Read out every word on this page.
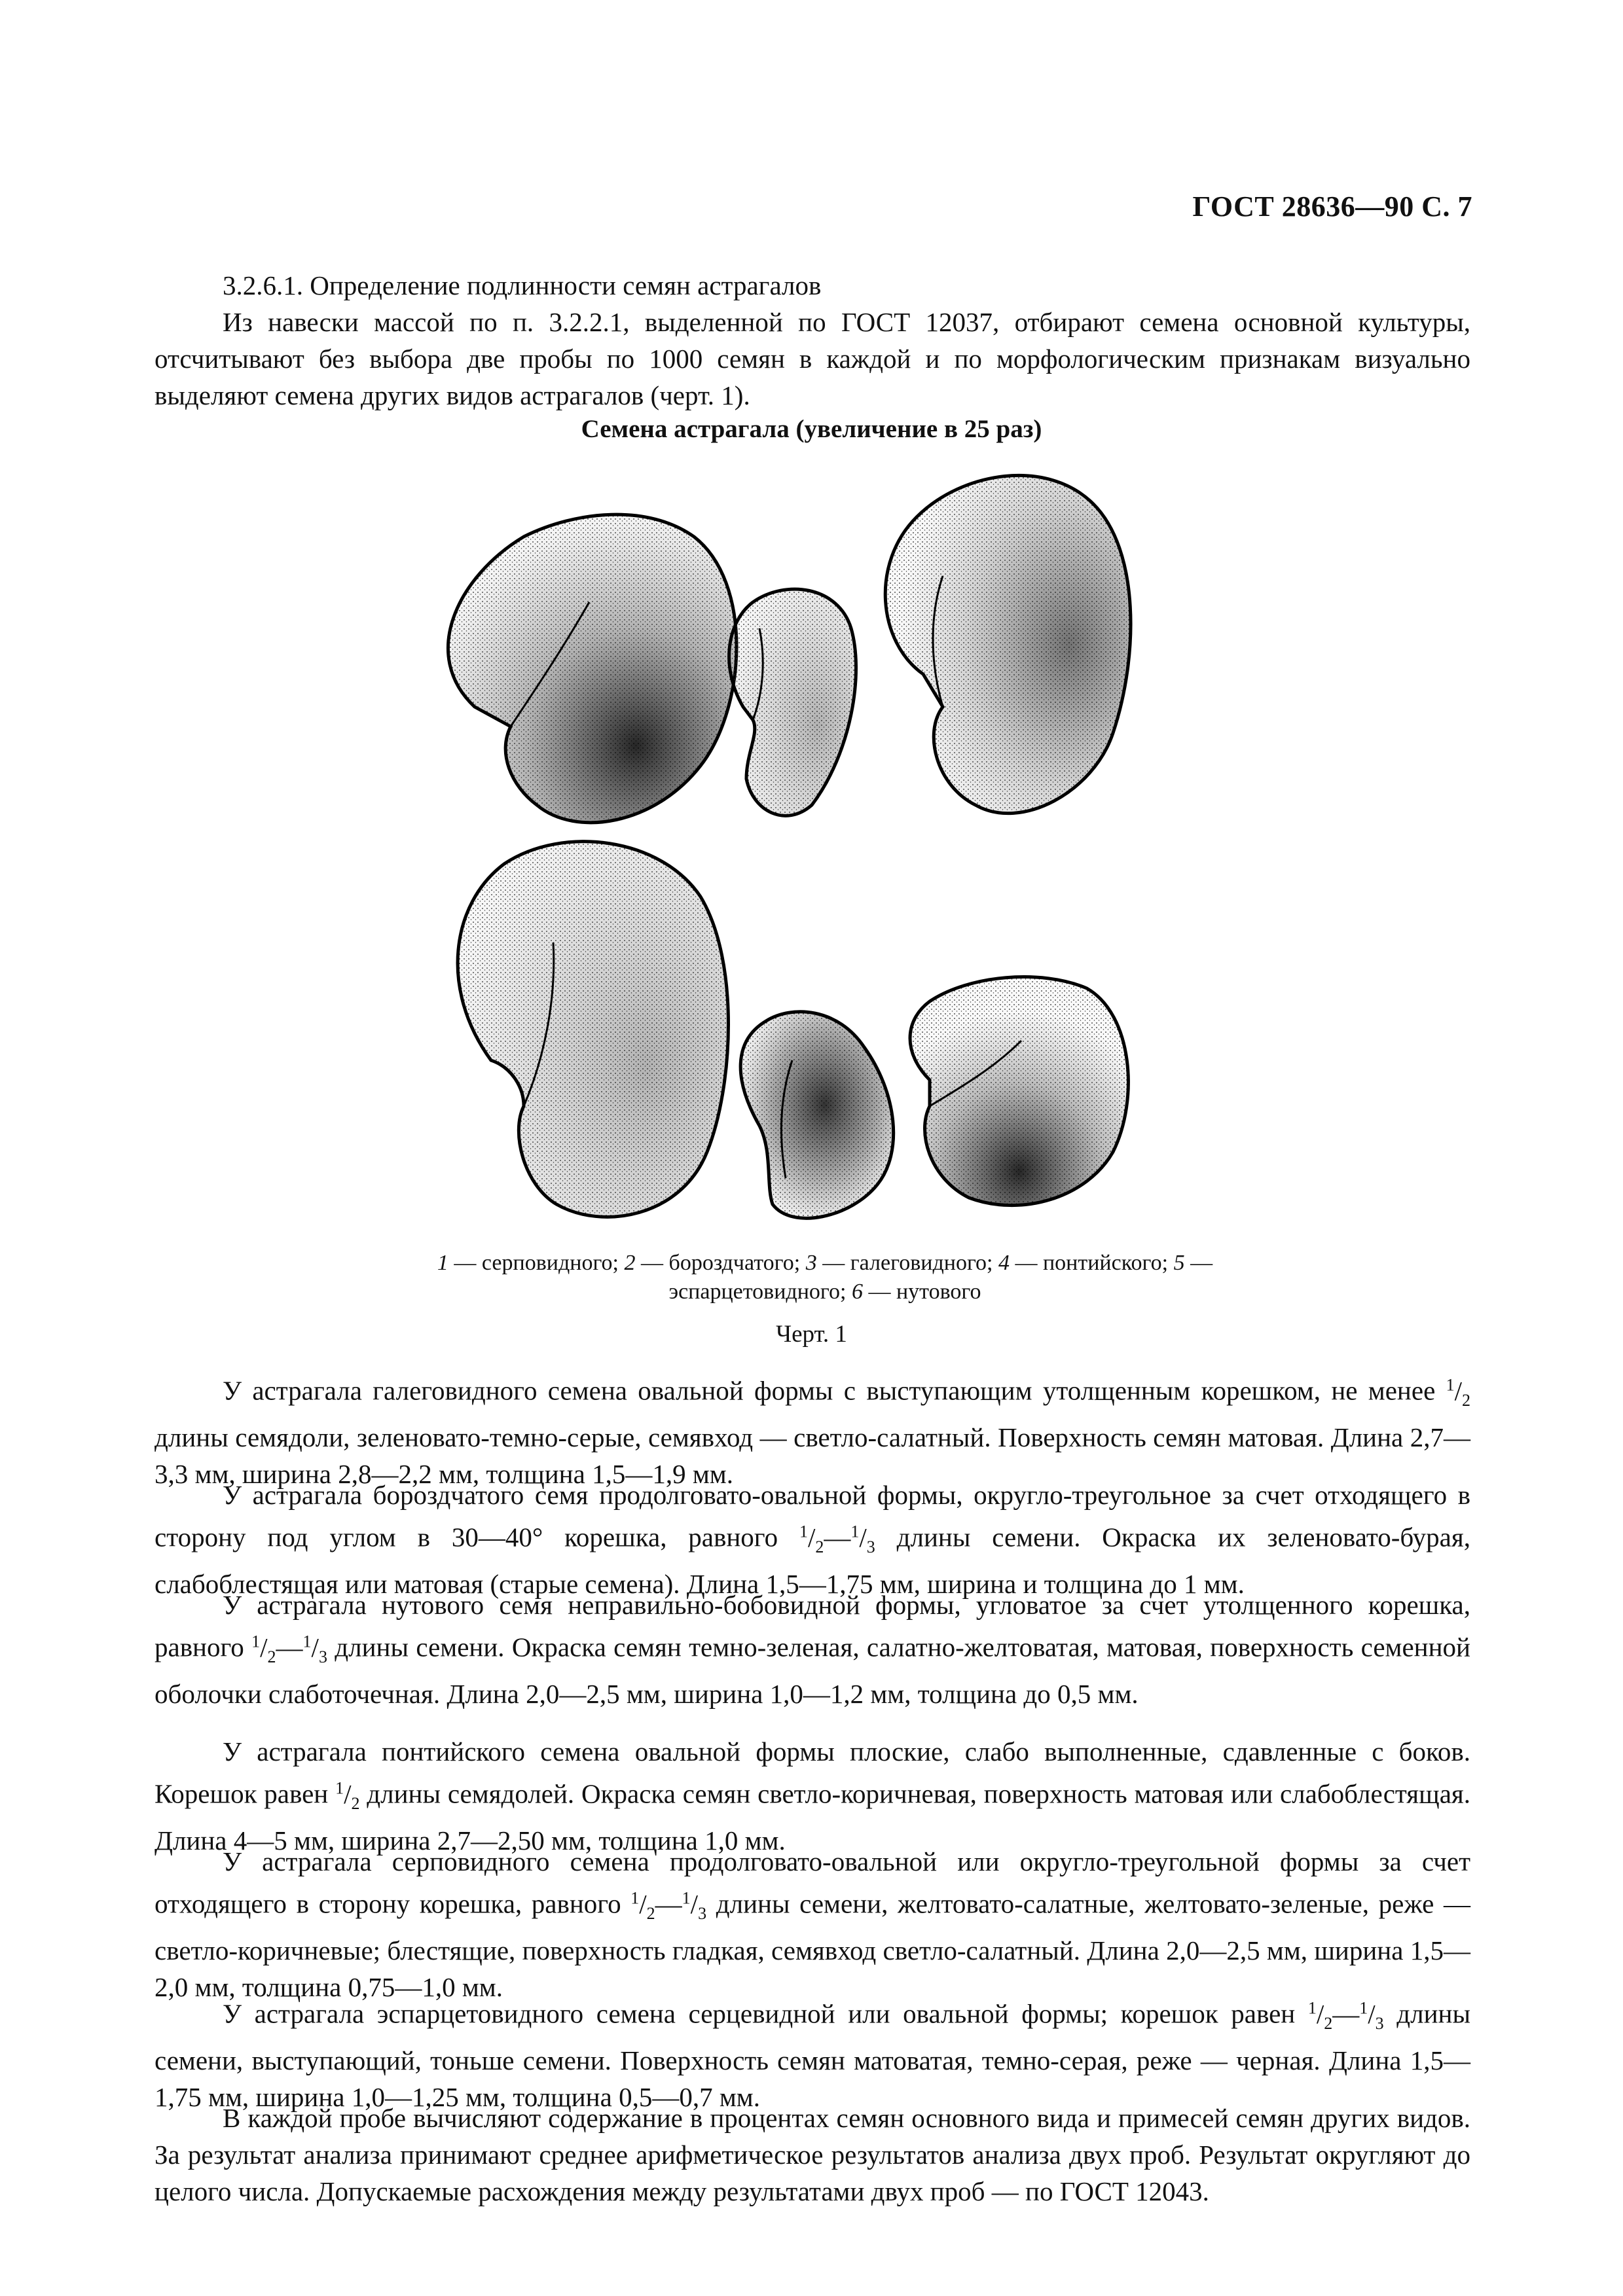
ГОСТ 28636—90 С. 7

3.2.6.1. Определение подлинности семян астрагалов

Из навески массой по п. 3.2.2.1, выделенной по ГОСТ 12037, отбирают семена основной культуры, отсчитывают без выбора две пробы по 1000 семян в каждой и по морфологическим признакам визуально выделяют семена других видов астрагалов (черт. 1).

Семена астрагала (увеличение в 25 раз)
1 — серповидного; 2 — бороздчатого; 3 — галеговидного; 4 — понтийского; 5 — эспарцетовидного; 6 — нутового
Черт. 1

У астрагала галеговидного семена овальной формы с выступающим утолщенным корешком, не менее $^1/_2$ длины семядоли, зеленовато-темно-серые, семявход — светло-салатный. Поверхность семян матовая. Длина 2,7—3,3 мм, ширина 2,8—2,2 мм, толщина 1,5—1,9 мм.

У астрагала бороздчатого семя продолговато-овальной формы, округло-треугольное за счет отходящего в сторону под углом в 30—40° корешка, равного $^1/_2—^1/_3$ длины семени. Окраска их зеленовато-бурая, слабоблестящая или матовая (старые семена). Длина 1,5—1,75 мм, ширина и толщина до 1 мм.

У астрагала нутового семя неправильно-бобовидной формы, угловатое за счет утолщенного корешка, равного $^1/_2—^1/_3$ длины семени. Окраска семян темно-зеленая, салатно-желтоватая, матовая, поверхность семенной оболочки слаботочечная. Длина 2,0—2,5 мм, ширина 1,0—1,2 мм, толщина до 0,5 мм.

У астрагала понтийского семена овальной формы плоские, слабо выполненные, сдавленные с боков. Корешок равен $^1/_2$ длины семядолей. Окраска семян светло-коричневая, поверхность матовая или слабоблестящая. Длина 4—5 мм, ширина 2,7—2,50 мм, толщина 1,0 мм.

У астрагала серповидного семена продолговато-овальной или округло-треугольной формы за счет отходящего в сторону корешка, равного $^1/_2—^1/_3$ длины семени, желтовато-салатные, желтовато-зеленые, реже — светло-коричневые; блестящие, поверхность гладкая, семявход светло-салатный. Длина 2,0—2,5 мм, ширина 1,5—2,0 мм, толщина 0,75—1,0 мм.

У астрагала эспарцетовидного семена серцевидной или овальной формы; корешок равен $^1/_2—^1/_3$ длины семени, выступающий, тоньше семени. Поверхность семян матоватая, темно-серая, реже — черная. Длина 1,5—1,75 мм, ширина 1,0—1,25 мм, толщина 0,5—0,7 мм.

В каждой пробе вычисляют содержание в процентах семян основного вида и примесей семян других видов. За результат анализа принимают среднее арифметическое результатов анализа двух проб. Результат округляют до целого числа. Допускаемые расхождения между результатами двух проб — по ГОСТ 12043.
